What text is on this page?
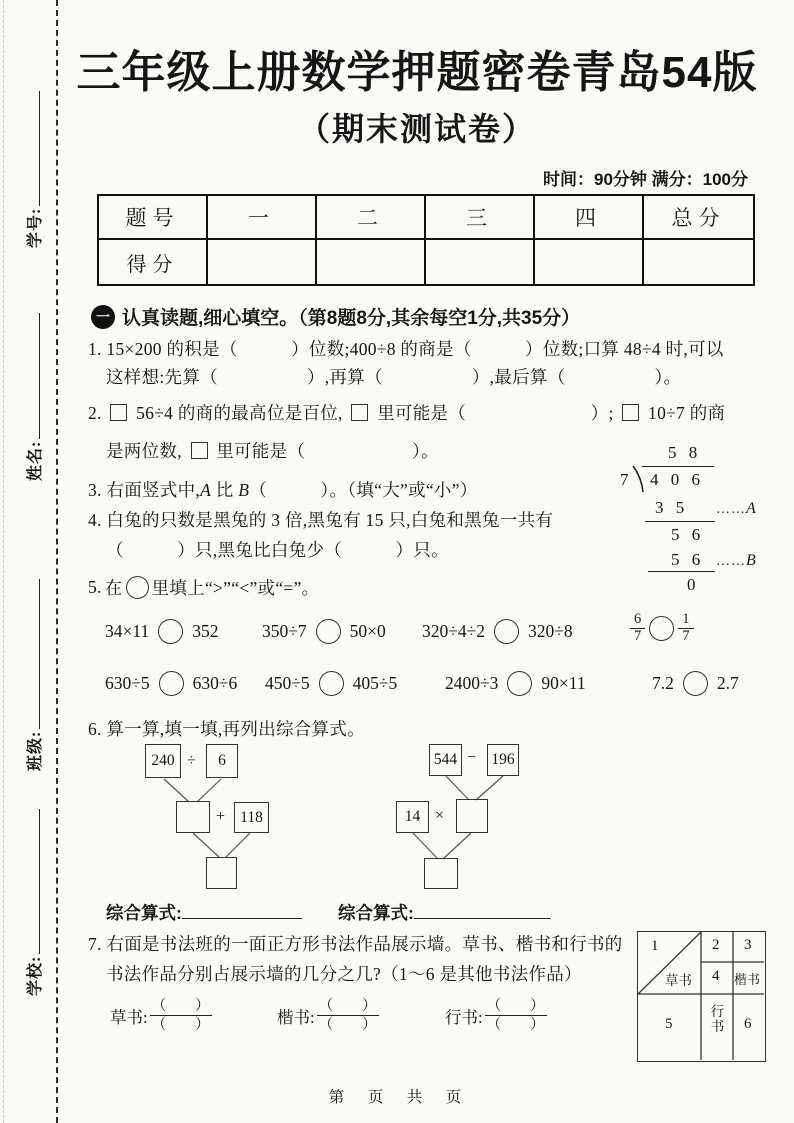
学号:
姓名:
班级:
学校:
三年级上册数学押题密卷青岛54版
（期末测试卷）
时间：90分钟 满分：100分
题号	一	二	三	四	总分
得分
一 认真读题,细心填空。（第8题8分,其余每空1分,共35分）
1. 15×200 的积是（　　　）位数;400÷8 的商是（　　　）位数;口算 48÷4 时,可以
这样想:先算（　　　　　）,再算（　　　　　）,最后算（　　　　　）。
2. 56÷4 的商的最高位是百位, 里可能是（　　　　　　　）; 10÷7 的商
是两位数, 里可能是（　　　　　　）。
3. 右面竖式中,A 比 B（　　　）。（填“大”或“小”）
4. 白兔的只数是黑兔的 3 倍,黑兔有 15 只,白兔和黑兔一共有
（　　　）只,黑兔比白兔少（　　　）只。
5 8
7 4 0 6
3 5 ……A
5 6
5 6 ……B
0
5. 在 里填上“>”“<”或“=”。
34×11 352 350÷7 50×0 320÷4÷2 320÷8	$\frac{6}{7} \frac{1}{7}$
630÷5 630÷6 450÷5 405÷5	2400÷3 90×11	7.2 2.7
6. 算一算,填一填,再列出综合算式。
240 ÷	6
+ 118
544 − 196
14 ×
综合算式:	综合算式:
7. 右面是书法班的一面正方形书法作品展示墙。草书、楷书和行书的
书法作品分别占展示墙的几分之几?（1～6 是其他书法作品）
草书: $\frac{( )}{( )}$	楷书: $\frac{( )}{( )}$	行书: $\frac{( )}{( )}$
1
草书
2 3
4 楷书
5
行书 6
第　页　共　页
